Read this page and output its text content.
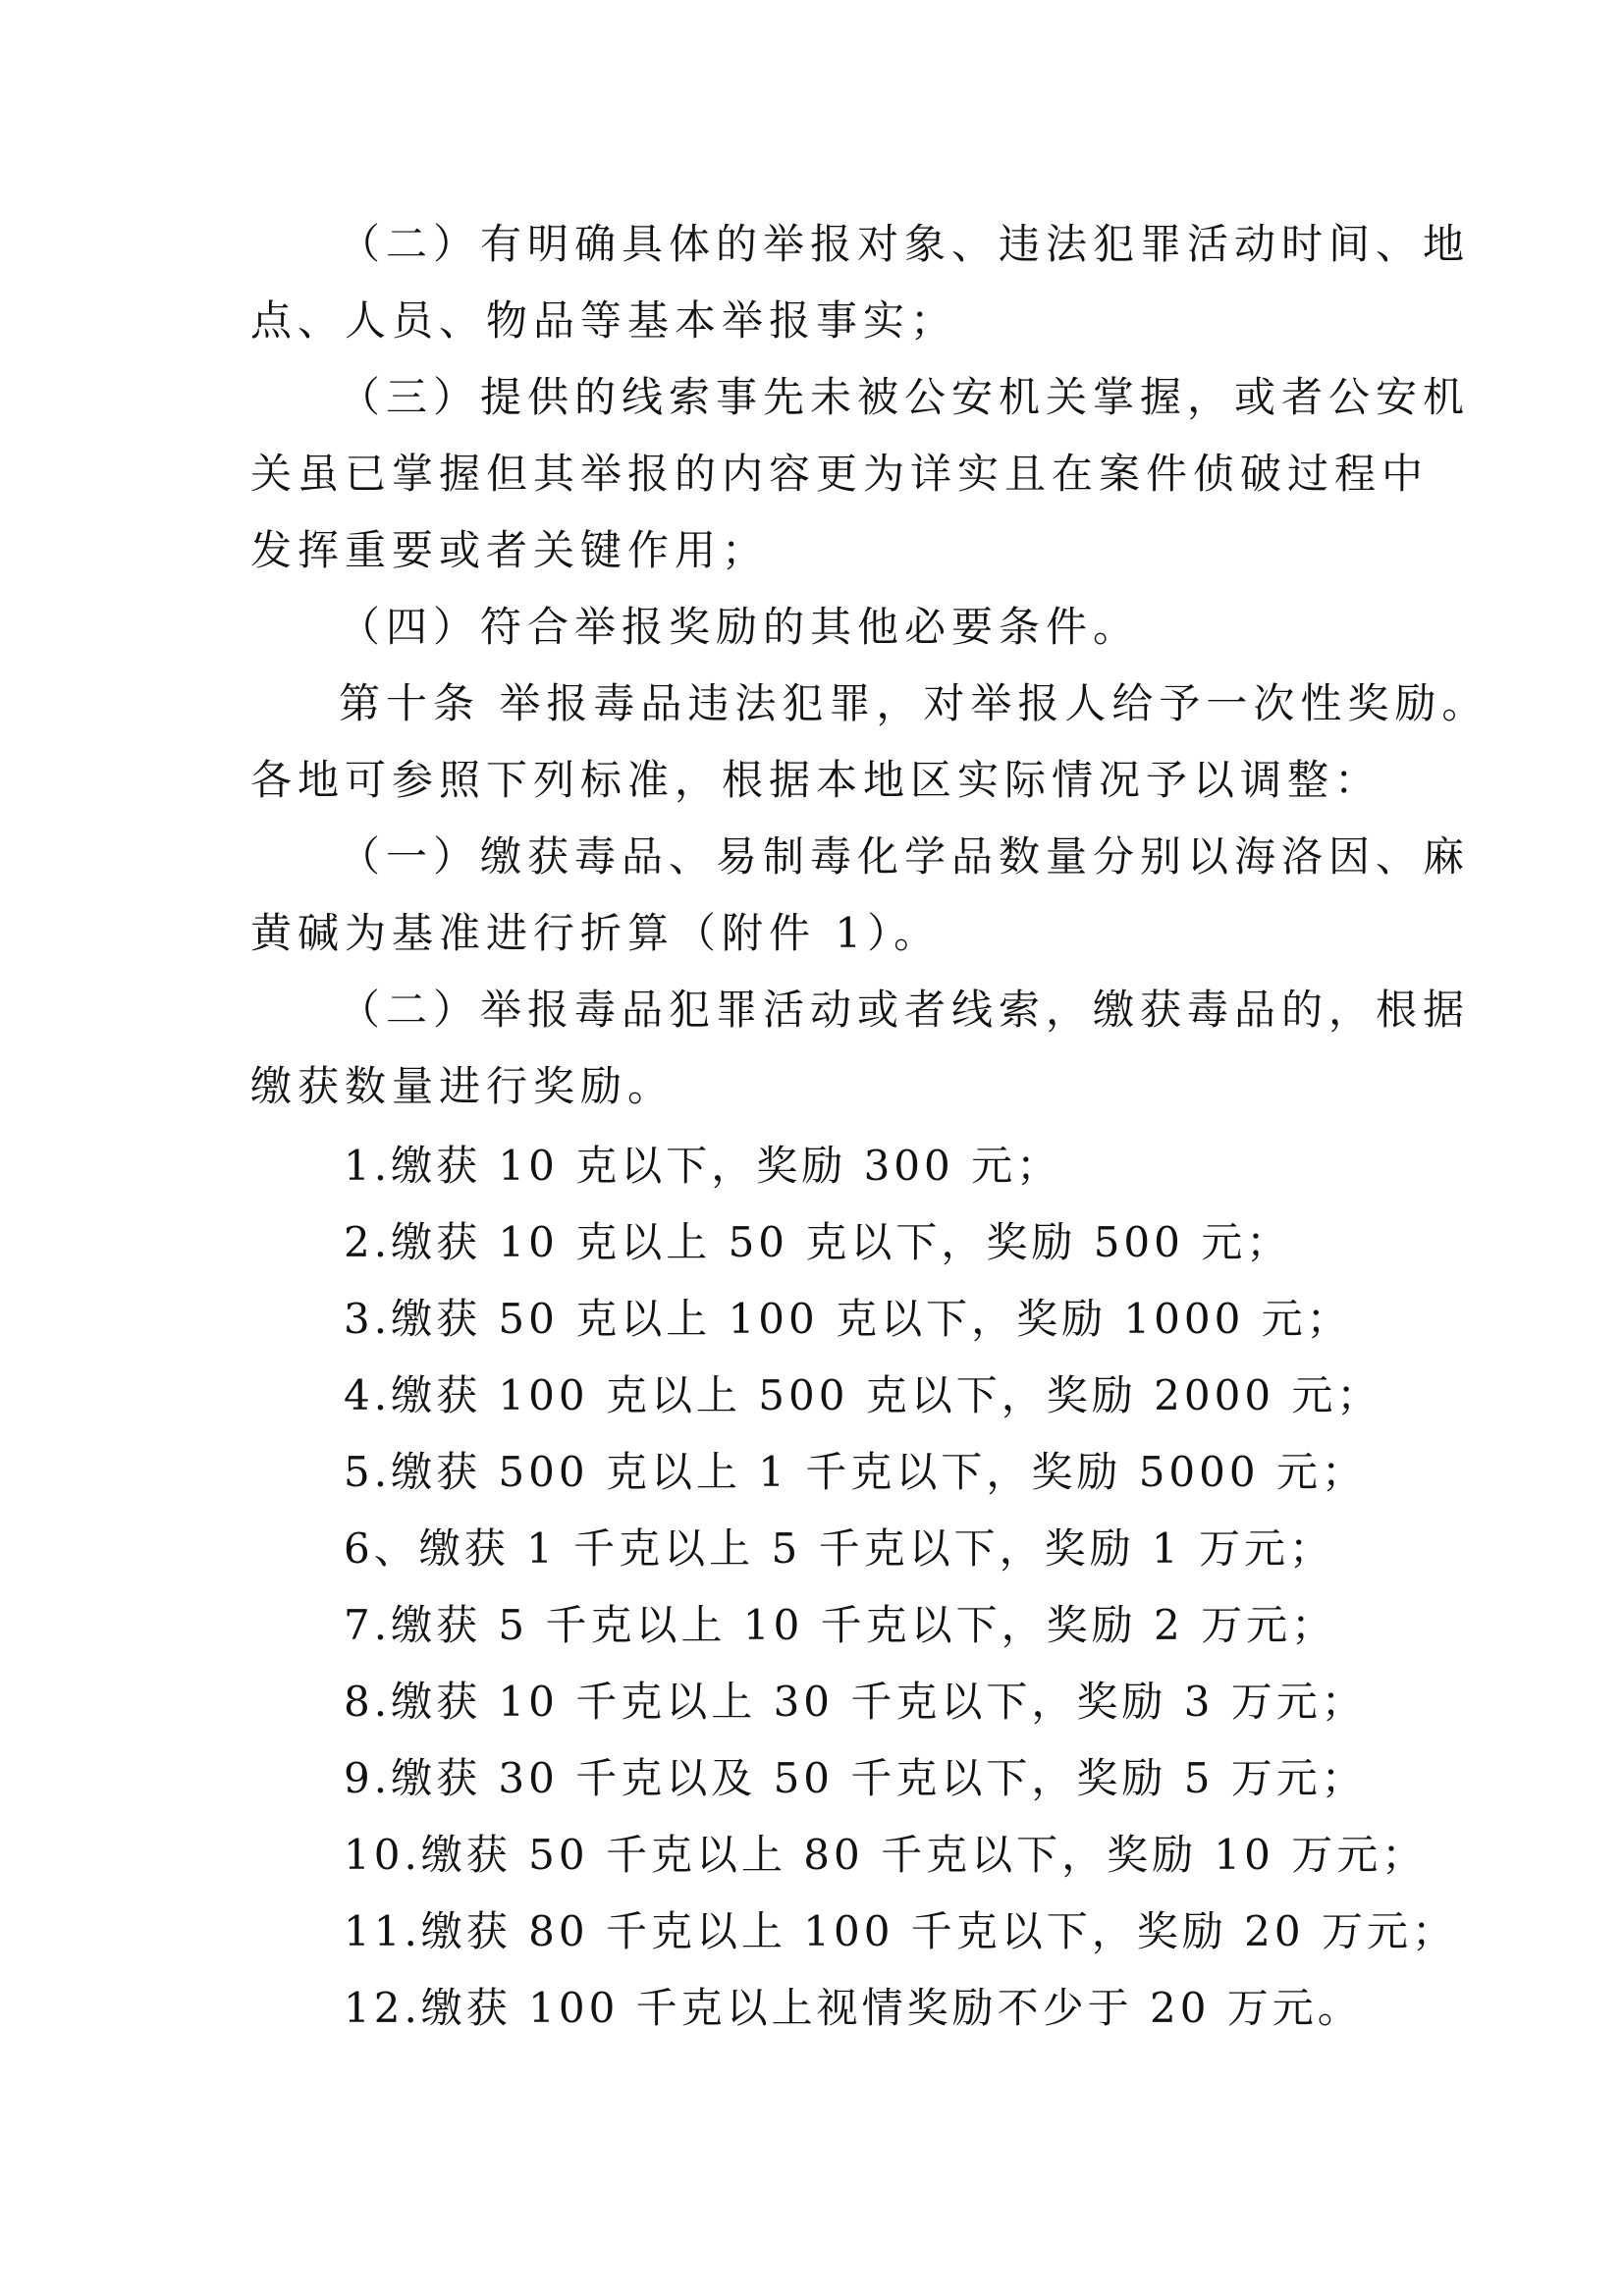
（二）有明确具体的举报对象、违法犯罪活动时间、地
点、人员、物品等基本举报事实；
（三）提供的线索事先未被公安机关掌握，或者公安机
关虽已掌握但其举报的内容更为详实且在案件侦破过程中
发挥重要或者关键作用；
（四）符合举报奖励的其他必要条件。
第十条 举报毒品违法犯罪，对举报人给予一次性奖励。
各地可参照下列标准，根据本地区实际情况予以调整：
（一）缴获毒品、易制毒化学品数量分别以海洛因、麻
黄碱为基准进行折算（附件 1）。
（二）举报毒品犯罪活动或者线索，缴获毒品的，根据
缴获数量进行奖励。
1.缴获 10 克以下，奖励 300 元；
2.缴获 10 克以上 50 克以下，奖励 500 元；
3.缴获 50 克以上 100 克以下，奖励 1000 元；
4.缴获 100 克以上 500 克以下，奖励 2000 元；
5.缴获 500 克以上 1 千克以下，奖励 5000 元；
6、缴获 1 千克以上 5 千克以下，奖励 1 万元；
7.缴获 5 千克以上 10 千克以下，奖励 2 万元；
8.缴获 10 千克以上 30 千克以下，奖励 3 万元；
9.缴获 30 千克以及 50 千克以下，奖励 5 万元；
10.缴获 50 千克以上 80 千克以下，奖励 10 万元；
11.缴获 80 千克以上 100 千克以下，奖励 20 万元；
12.缴获 100 千克以上视情奖励不少于 20 万元。
